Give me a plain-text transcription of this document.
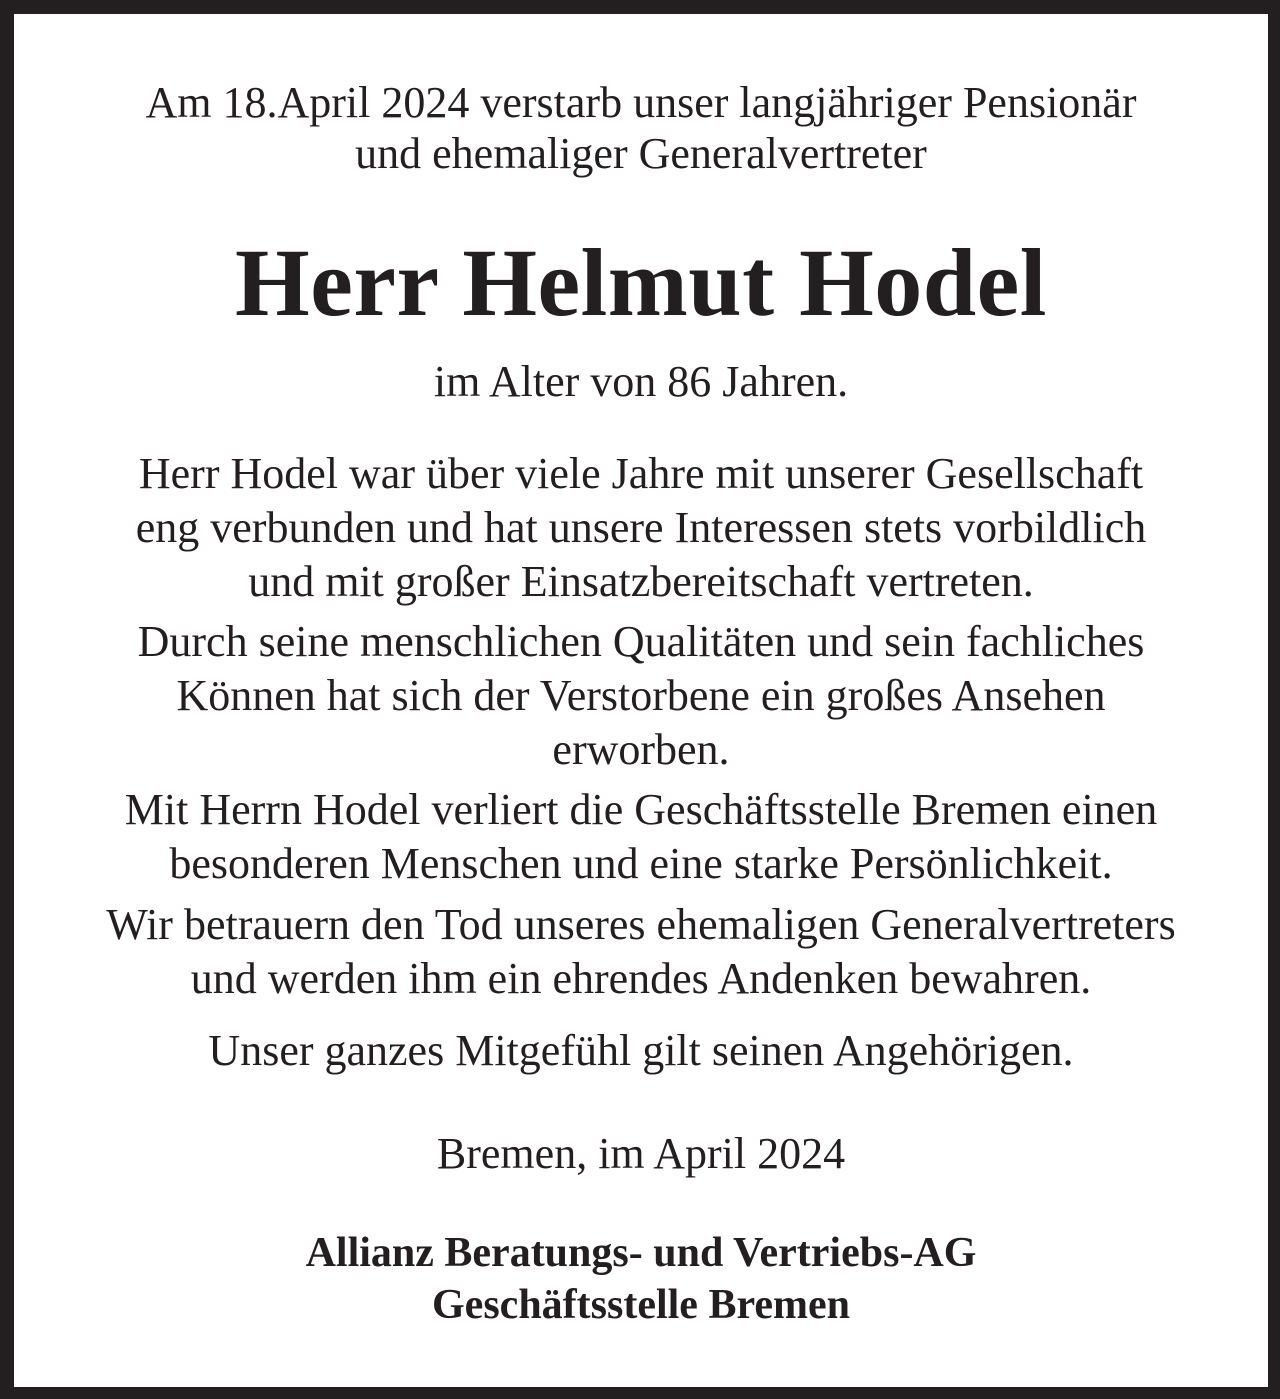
Am 18.April 2024 verstarb unser langjähriger Pensionär
und ehemaliger Generalvertreter
Herr Helmut Hodel
im Alter von 86 Jahren.
Herr Hodel war über viele Jahre mit unserer Gesellschaft
eng verbunden und hat unsere Interessen stets vorbildlich
und mit großer Einsatzbereitschaft vertreten.
Durch seine menschlichen Qualitäten und sein fachliches
Können hat sich der Verstorbene ein großes Ansehen
erworben.
Mit Herrn Hodel verliert die Geschäftsstelle Bremen einen
besonderen Menschen und eine starke Persönlichkeit.
Wir betrauern den Tod unseres ehemaligen Generalvertreters
und werden ihm ein ehrendes Andenken bewahren.
Unser ganzes Mitgefühl gilt seinen Angehörigen.
Bremen, im April 2024
Allianz Beratungs- und Vertriebs-AG
Geschäftsstelle Bremen
